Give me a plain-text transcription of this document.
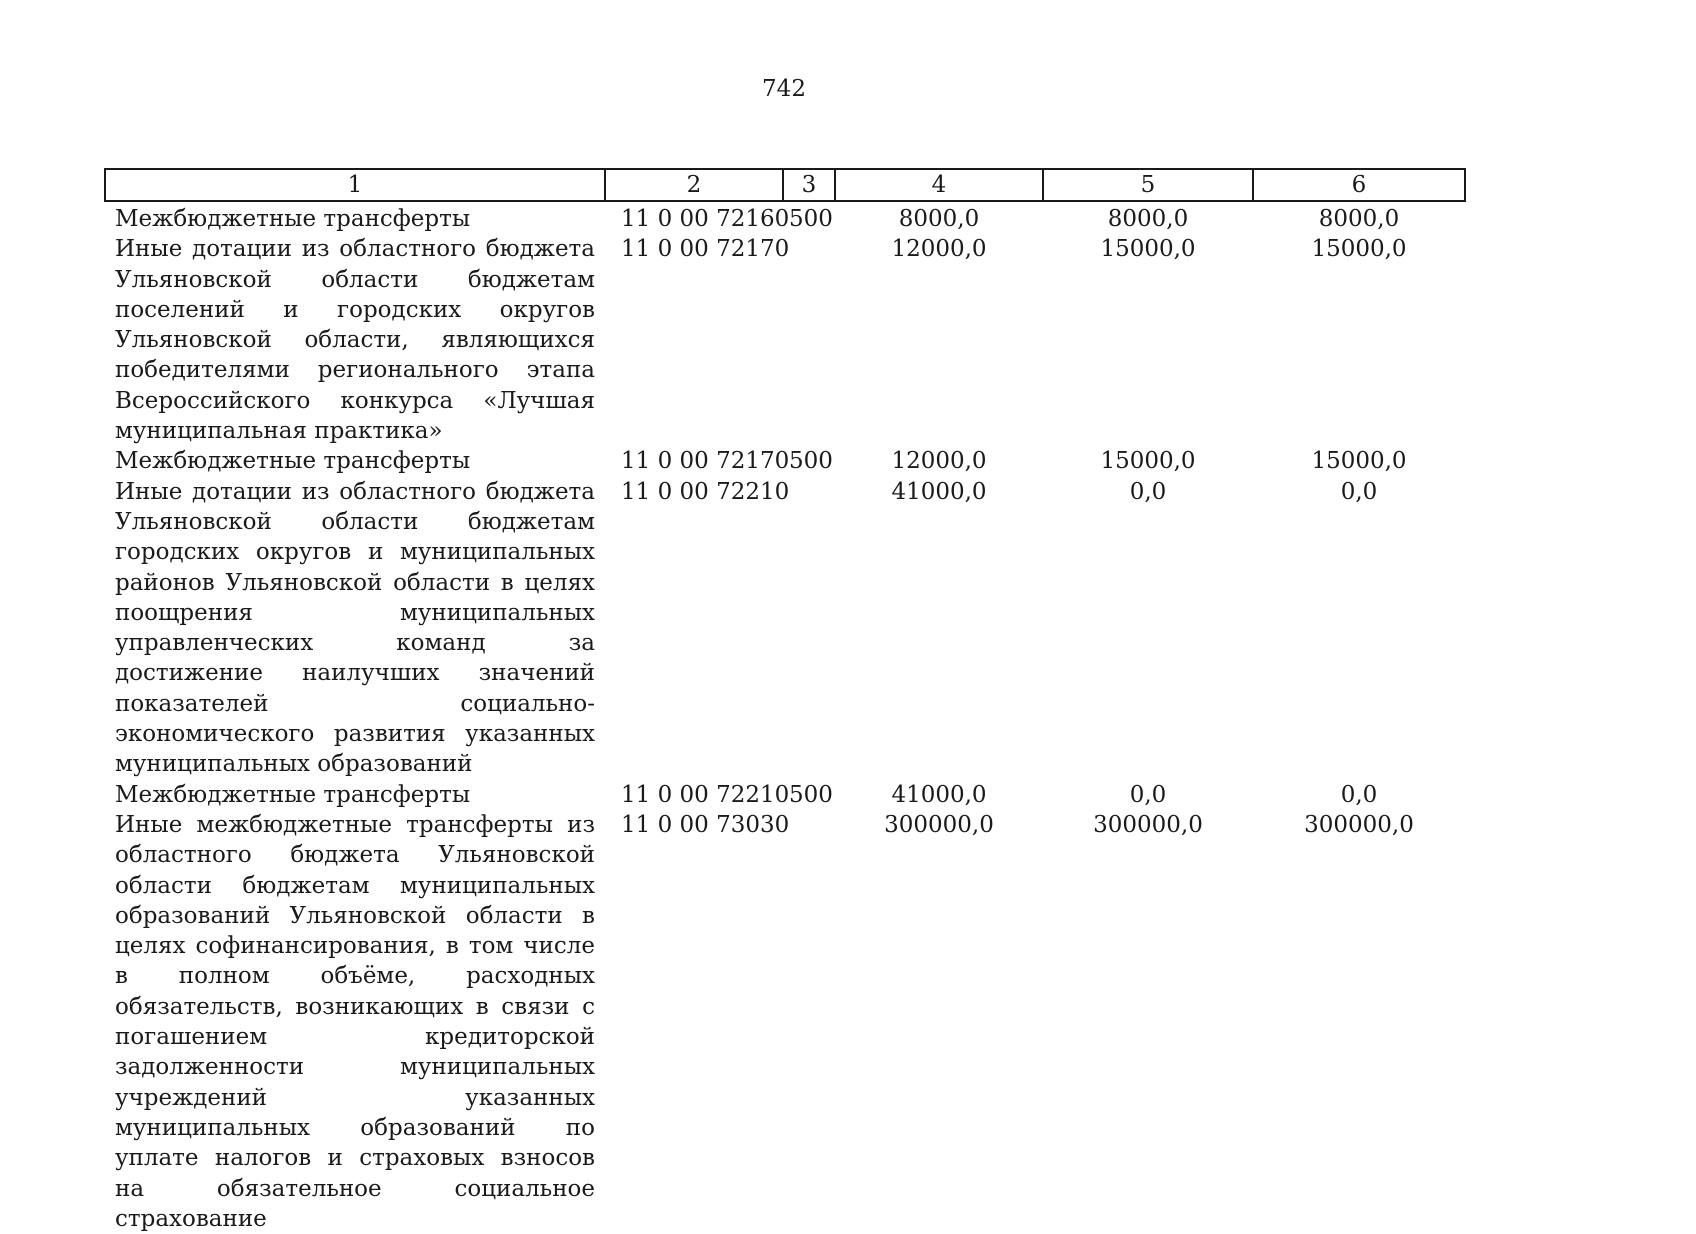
742
1	2	3	4	5	6
Межбюджетные трансферты	11 0 00 72160	500	8000,0	8000,0	8000,0
Иные дотации из областного бюджета Ульяновской области бюджетам поселений и городских округов Ульяновской области, являющихся победителями регионального этапа Всероссийского конкурса «Лучшая муниципальная практика»	11 0 00 72170		12000,0	15000,0	15000,0
Межбюджетные трансферты	11 0 00 72170	500	12000,0	15000,0	15000,0
Иные дотации из областного бюджета Ульяновской области бюджетам городских округов и муниципальных районов Ульяновской области в целях поощрения муниципальных управленческих команд за достижение наилучших значений показателей социально-экономического развития указанных муниципальных образований	11 0 00 72210		41000,0	0,0	0,0
Межбюджетные трансферты	11 0 00 72210	500	41000,0	0,0	0,0
Иные межбюджетные трансферты из областного бюджета Ульяновской области бюджетам муниципальных образований Ульяновской области в целях софинансирования, в том числе в полном объёме, расходных обязательств, возникающих в связи с погашением кредиторской задолженности муниципальных учреждений указанных муниципальных образований по уплате налогов и страховых взносов на обязательное социальное страхование	11 0 00 73030		300000,0	300000,0	300000,0
